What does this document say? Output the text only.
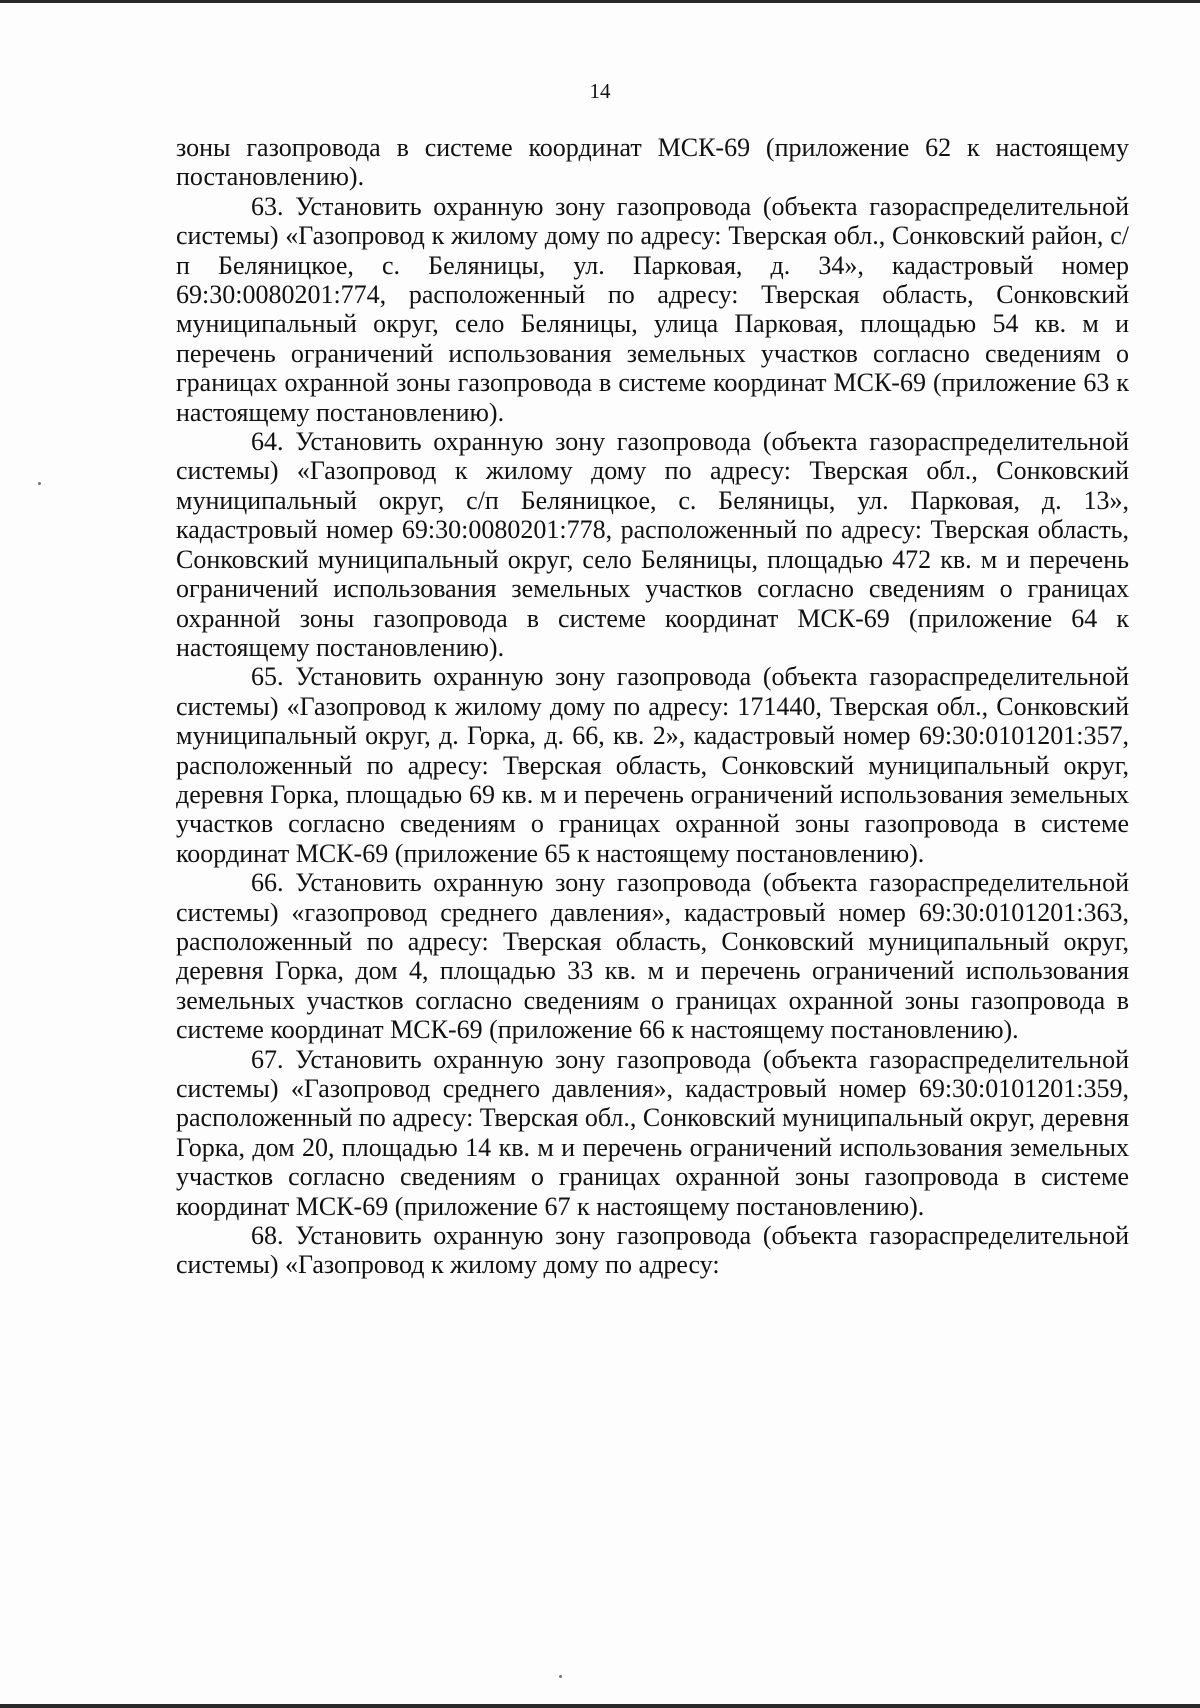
14

зоны газопровода в системе координат МСК-69 (приложение 62 к настоящему постановлению).

63. Установить охранную зону газопровода (объекта газораспределительной системы) «Газопровод к жилому дому по адресу: Тверская обл., Сонковский район, с/п Беляницкое, с. Беляницы, ул. Парковая, д. 34», кадастровый номер 69:30:0080201:774, расположенный по адресу: Тверская область, Сонковский муниципальный округ, село Беляницы, улица Парковая, площадью 54 кв. м и перечень ограничений использования земельных участков согласно сведениям о границах охранной зоны газопровода в системе координат МСК-69 (приложение 63 к настоящему постановлению).

64. Установить охранную зону газопровода (объекта газораспределительной системы) «Газопровод к жилому дому по адресу: Тверская обл., Сонковский муниципальный округ, с/п Беляницкое, с. Беляницы, ул. Парковая, д. 13», кадастровый номер 69:30:0080201:778, расположенный по адресу: Тверская область, Сонковский муниципальный округ, село Беляницы, площадью 472 кв. м и перечень ограничений использования земельных участков согласно сведениям о границах охранной зоны газопровода в системе координат МСК-69 (приложение 64 к настоящему постановлению).

65. Установить охранную зону газопровода (объекта газораспределительной системы) «Газопровод к жилому дому по адресу: 171440, Тверская обл., Сонковский муниципальный округ, д. Горка, д. 66, кв. 2», кадастровый номер 69:30:0101201:357, расположенный по адресу: Тверская область, Сонковский муниципальный округ, деревня Горка, площадью 69 кв. м и перечень ограничений использования земельных участков согласно сведениям о границах охранной зоны газопровода в системе координат МСК-69 (приложение 65 к настоящему постановлению).

66. Установить охранную зону газопровода (объекта газораспределительной системы) «газопровод среднего давления», кадастровый номер 69:30:0101201:363, расположенный по адресу: Тверская область, Сонковский муниципальный округ, деревня Горка, дом 4, площадью 33 кв. м и перечень ограничений использования земельных участков согласно сведениям о границах охранной зоны газопровода в системе координат МСК-69 (приложение 66 к настоящему постановлению).

67. Установить охранную зону газопровода (объекта газораспределительной системы) «Газопровод среднего давления», кадастровый номер 69:30:0101201:359, расположенный по адресу: Тверская обл., Сонковский муниципальный округ, деревня Горка, дом 20, площадью 14 кв. м и перечень ограничений использования земельных участков согласно сведениям о границах охранной зоны газопровода в системе координат МСК-69 (приложение 67 к настоящему постановлению).

68. Установить охранную зону газопровода (объекта газораспределительной системы) «Газопровод к жилому дому по адресу:
